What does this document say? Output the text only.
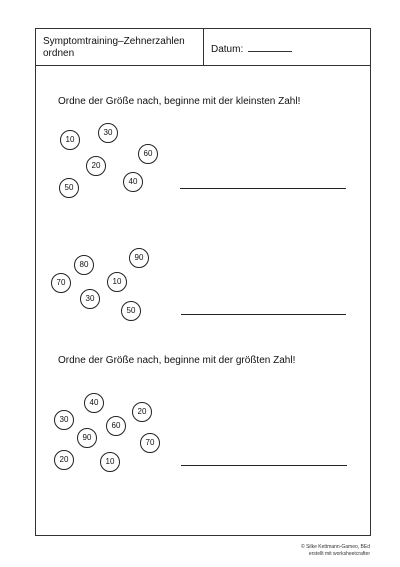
Symptomtraining–Zehnerzahlen ordnen	Datum:
Ordne der Größe nach, beginne mit der kleinsten Zahl!
10
30
60
20
50
40
80
90
70	10
30
50
Ordne der Größe nach, beginne mit der größten Zahl!
40
20
30
60
90
70
20	10
© Silke Kettmann-Gameo, BEd
erstellt mit worksheetcrafter
